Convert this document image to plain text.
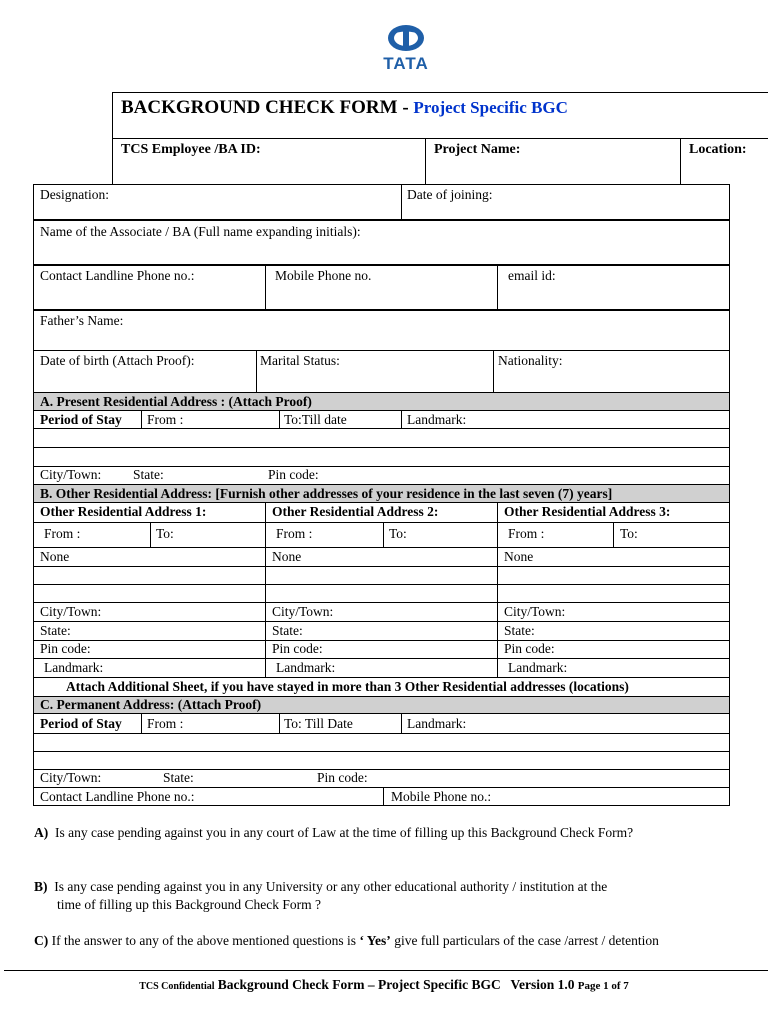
TATA
BACKGROUND CHECK FORM - Project Specific BGC
TCS Employee /BA ID:	Project Name:	Location:
Designation:	Date of joining:
Name of the Associate / BA (Full name expanding initials):
Contact Landline Phone no.:	Mobile Phone no.	email id:
Father’s Name:
Date of birth (Attach Proof):	Marital Status:	Nationality:
A. Present Residential Address : (Attach Proof)
Period of Stay From :	To:Till date	Landmark:
City/Town: State:	Pin code:
B. Other Residential Address: [Furnish other addresses of your residence in the last seven (7) years]
Other Residential Address 1:	Other Residential Address 2:	Other Residential Address 3:
From :	To:	From :	To:	From :	To:
None	None	None
City/Town:	City/Town:	City/Town:
State:	State:	State:
Pin code:	Pin code:	Pin code:
Landmark:	Landmark:	Landmark:
Attach Additional Sheet, if you have stayed in more than 3 Other Residential addresses (locations)
C. Permanent Address: (Attach Proof)
Period of Stay From :	To: Till Date	Landmark:
City/Town:	State:	Pin code:
Contact Landline Phone no.:	Mobile Phone no.:
A) Is any case pending against you in any court of Law at the time of filling up this Background Check Form?
B) Is any case pending against you in any University or any other educational authority / institution at the
time of filling up this Background Check Form ?
C) If the answer to any of the above mentioned questions is ‘ Yes’ give full particulars of the case /arrest / detention
TCS Confidential Background Check Form – Project Specific BGC Version 1.0 Page 1 of 7
